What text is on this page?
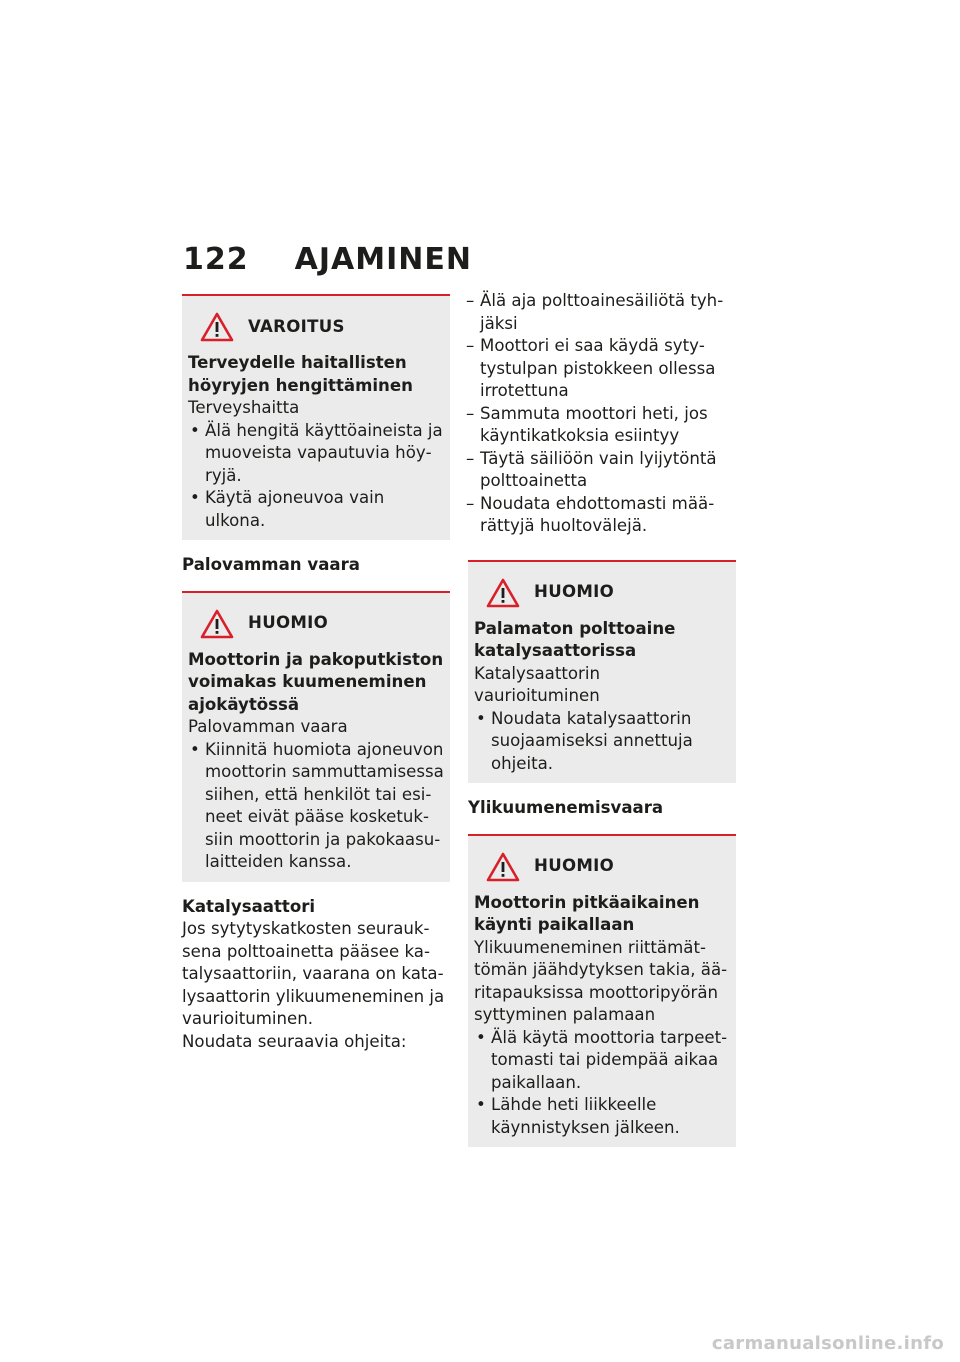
122 AJAMINEN
VAROITUS

Terveydelle haitallisten höyryjen hengittäminen

Terveyshaitta

• Älä hengitä käyttöaineista ja muoveista vapautuvia höyryjä.
• Käytä ajoneuvoa vain ulkona.

Palovamman vaara

HUOMIO

Moottorin ja pakoputkiston voimakas kuumeneminen ajokäytössä

Palovamman vaara

• Kiinnitä huomiota ajoneuvon moottorin sammuttamisessa siihen, että henkilöt tai esineet eivät pääse kosketuksiin moottorin ja pakokaasulaitteiden kanssa.

Katalysaattori

Jos sytytyskatkosten seurauksena polttoainetta pääsee katalysaattoriin, vaarana on katalysaattorin ylikuumeneminen ja vaurioituminen.

Noudata seuraavia ohjeita:

– Älä aja polttoainesäiliötä tyhjäksi
– Moottori ei saa käydä sytytystulpan pistokkeen ollessa irrotettuna
– Sammuta moottori heti, jos käyntikatkoksia esiintyy
– Täytä säiliöön vain lyijytöntä polttoainetta
– Noudata ehdottomasti määrättyjä huoltovälejä.
HUOMIO

Palamaton polttoaine katalysaattorissa

Katalysaattorin vaurioituminen

• Noudata katalysaattorin suojaamiseksi annettuja ohjeita.

Ylikuumenemisvaara

HUOMIO

Moottorin pitkäaikainen käynti paikallaan

Ylikuumeneminen riittämättömän jäähdytyksen takia, ääritapauksissa moottoripyörän syttyminen palamaan

• Älä käytä moottoria tarpeettomasti tai pidempää aikaa paikallaan.
• Lähde heti liikkeelle käynnistyksen jälkeen.
carmanualsonline.info
